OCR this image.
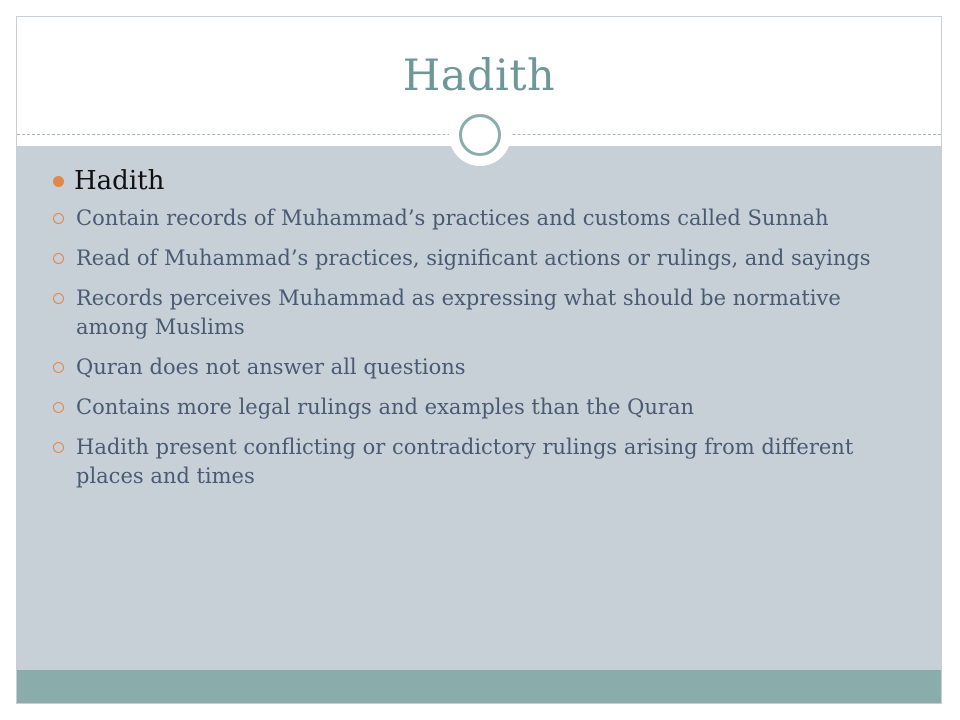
Hadith
Hadith
Contain records of Muhammad’s practices and customs called Sunnah
Read of Muhammad’s practices, significant actions or rulings, and sayings
Records perceives Muhammad as expressing what should be normative among Muslims
Quran does not answer all questions
Contains more legal rulings and examples than the Quran
Hadith present conflicting or contradictory rulings arising from different places and times
